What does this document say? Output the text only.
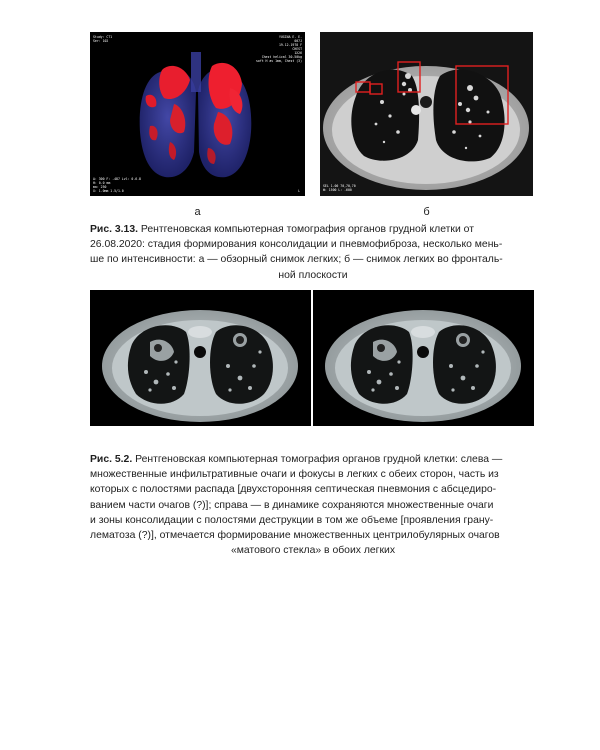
Study: CT1
Ser: 102
YUGINA E. E.
007J
19.12.1978 F
CHEST
1X26
Chest helical 30-50kg
soft H av 1mm, Chest (3)
A: 300 F: -487 Lvl: 0.6.8
H: 0.0 mm
ma: 250
X: 1.0mm 1.5/1.0	L
SEL 1.00 70,70,70
W: 1500 L: -600
а	б
Рис. 3.13. Рентгеновская компьютерная томография органов грудной клетки от
26.08.2020: стадия формирования консолидации и пневмофиброза, несколько мень-
ше по интенсивности: а — обзорный снимок легких; б — снимок легких во фронталь-
ной плоскости
Рис. 5.2. Рентгеновская компьютерная томография органов грудной клетки: слева —
множественные инфильтративные очаги и фокусы в легких с обеих сторон, часть из
которых с полостями распада [двухсторонняя септическая пневмония с абсцедиро-
ванием части очагов (?)]; справа — в динамике сохраняются множественные очаги
и зоны консолидации с полостями деструкции в том же объеме [проявления грану-
лематоза (?)], отмечается формирование множественных центрилобулярных очагов
«матового стекла» в обоих легких
